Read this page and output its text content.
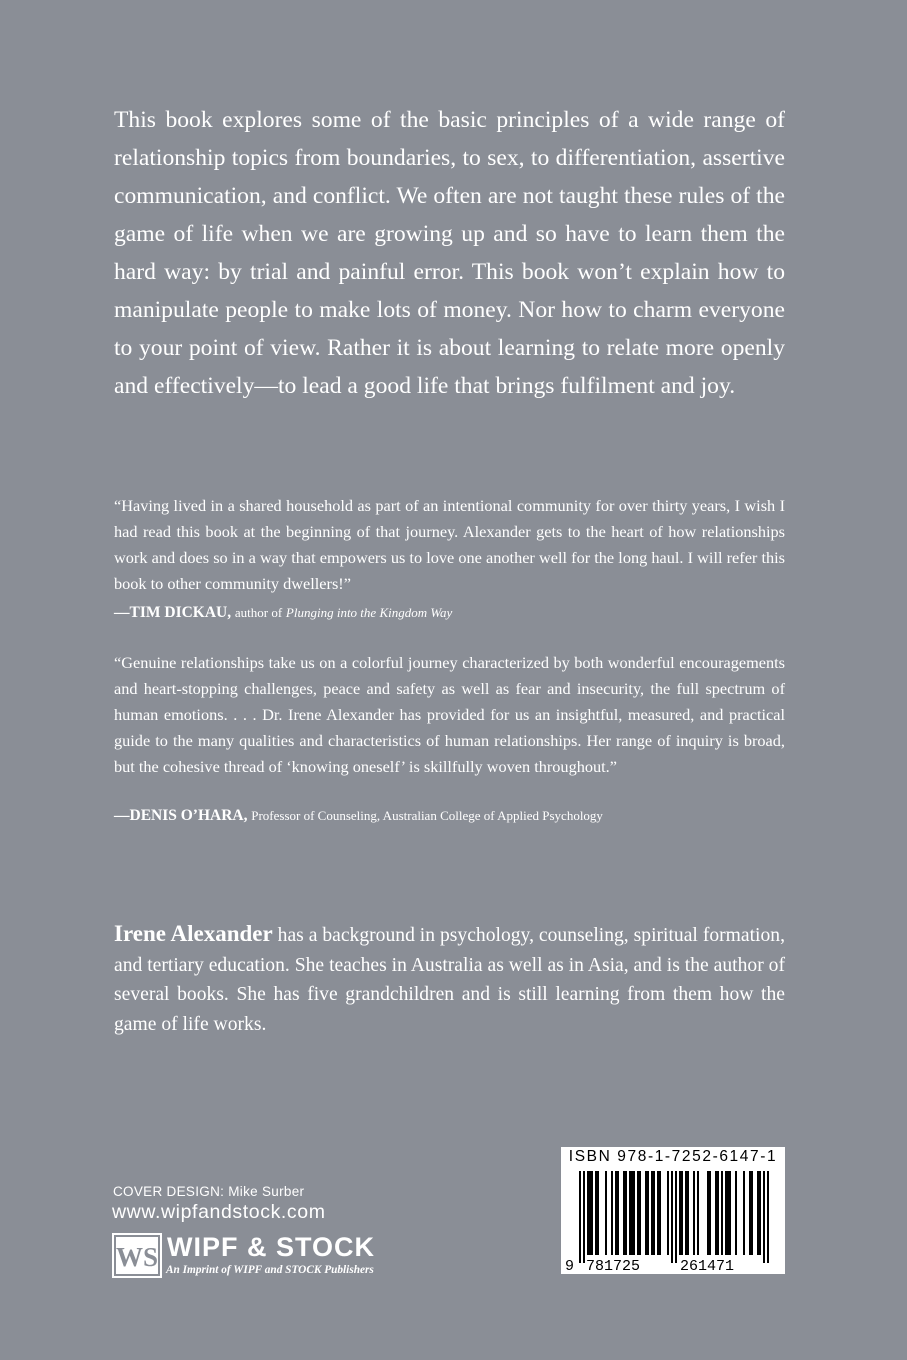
This book explores some of the basic principles of a wide range of relationship topics from boundaries, to sex, to differentiation, assertive communication, and conflict. We often are not taught these rules of the game of life when we are growing up and so have to learn them the hard way: by trial and painful error. This book won’t explain how to manipulate people to make lots of money. Nor how to charm everyone to your point of view. Rather it is about learning to relate more openly and effectively—to lead a good life that brings fulfilment and joy.

“Having lived in a shared household as part of an intentional community for over thirty years, I wish I had read this book at the beginning of that journey. Alexander gets to the heart of how relationships work and does so in a way that empowers us to love one another well for the long haul. I will refer this book to other community dwellers!”

—TIM DICKAU, author of Plunging into the Kingdom Way

“Genuine relationships take us on a colorful journey characterized by both wonderful encouragements and heart-stopping challenges, peace and safety as well as fear and insecurity, the full spectrum of human emotions. . . . Dr. Irene Alexander has provided for us an insightful, measured, and practical guide to the many qualities and characteristics of human relationships. Her range of inquiry is broad, but the cohesive thread of ‘knowing oneself’ is skillfully woven throughout.”

—DENIS O’HARA, Professor of Counseling, Australian College of Applied Psychology

Irene Alexander has a background in psychology, counseling, spiritual formation, and tertiary education. She teaches in Australia as well as in Asia, and is the author of several books. She has five grandchildren and is still learning from them how the game of life works.

COVER DESIGN: Mike Surber
www.wipfandstock.com
WS WIPF & STOCK
An Imprint of WIPF and STOCK Publishers
ISBN 978-1-7252-6147-1
9 781725	261471
